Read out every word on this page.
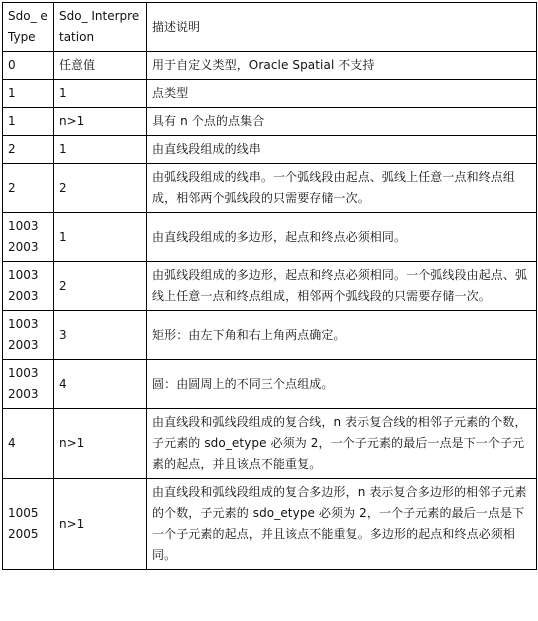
Sdo_ eType	Sdo_ Interpretation	描述说明
0	任意值	用于自定义类型，Oracle Spatial 不支持
1	1	点类型
1	n>1	具有 n 个点的点集合
2	1	由直线段组成的线串
2	2	由弧线段组成的线串。一个弧线段由起点、弧线上任意一点和终点组成，相邻两个弧线段的只需要存储一次。
1003 2003	1	由直线段组成的多边形，起点和终点必须相同。
1003 2003	2	由弧线段组成的多边形，起点和终点必须相同。一个弧线段由起点、弧线上任意一点和终点组成，相邻两个弧线段的只需要存储一次。
1003 2003	3	矩形：由左下角和右上角两点确定。
1003 2003	4	圆：由圆周上的不同三个点组成。
4	n>1	由直线段和弧线段组成的复合线，n 表示复合线的相邻子元素的个数，子元素的 sdo_etype 必须为 2，一个子元素的最后一点是下一个子元素的起点，并且该点不能重复。
1005 2005	n>1	由直线段和弧线段组成的复合多边形，n 表示复合多边形的相邻子元素的个数，子元素的 sdo_etype 必须为 2，一个子元素的最后一点是下一个子元素的起点，并且该点不能重复。多边形的起点和终点必须相同。
